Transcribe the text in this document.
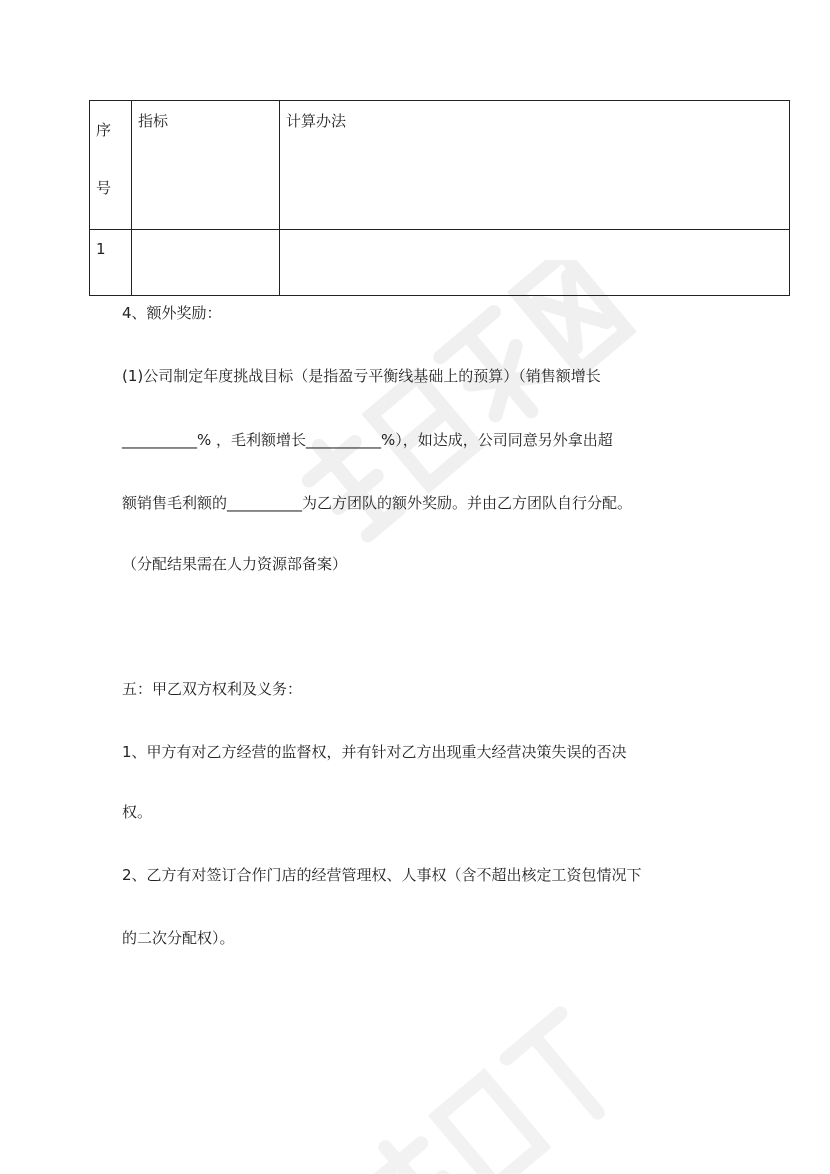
序号	指标	计算办法
1		
4、额外奖励：
(1)公司制定年度挑战目标（是指盈亏平衡线基础上的预算）（销售额增长
__________% ，毛利额增长__________%），如达成，公司同意另外拿出超
额销售毛利额的__________为乙方团队的额外奖励。并由乙方团队自行分配。
（分配结果需在人力资源部备案）
五：甲乙双方权利及义务：
1、甲方有对乙方经营的监督权，并有针对乙方出现重大经营决策失误的否决
权。
2、乙方有对签订合作门店的经营管理权、人事权（含不超出核定工资包情况下
的二次分配权）。
